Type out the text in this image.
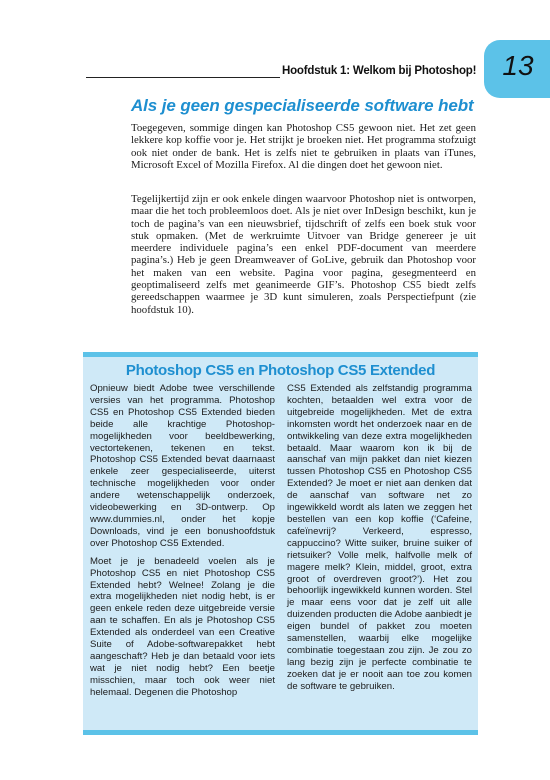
Hoofdstuk 1: Welkom bij Photoshop! 13
Als je geen gespecialiseerde software hebt

Toegegeven, sommige dingen kan Photoshop CS5 gewoon niet. Het zet geen lekkere kop koffie voor je. Het strijkt je broeken niet. Het programma stofzuigt ook niet onder de bank. Het is zelfs niet te gebruiken in plaats van iTunes, Microsoft Excel of Mozilla Firefox. Al die dingen doet het gewoon niet.

Tegelijkertijd zijn er ook enkele dingen waarvoor Photoshop niet is ontworpen, maar die het toch probleemloos doet. Als je niet over InDesign beschikt, kun je toch de pagina’s van een nieuwsbrief, tijdschrift of zelfs een boek stuk voor stuk opmaken. (Met de werkruimte Uitvoer van Bridge genereer je uit meerdere individuele pagina’s een enkel PDF-document van meerdere pagina’s.) Heb je geen Dreamweaver of GoLive, gebruik dan Photoshop voor het maken van een website. Pagina voor pagina, gesegmenteerd en geoptimaliseerd zelfs met geanimeerde GIF’s. Photoshop CS5 biedt zelfs gereedschappen waarmee je 3D kunt simuleren, zoals Perspectiefpunt (zie hoofdstuk 10).

Photoshop CS5 en Photoshop CS5 Extended

Opnieuw biedt Adobe twee verschillende versies van het programma. Photoshop CS5 en Photoshop CS5 Extended bieden beide alle krachtige Photoshop-mogelijkheden voor beeldbewerking, vectortekenen, tekenen en tekst. Photoshop CS5 Extended bevat daarnaast enkele zeer gespecialiseerde, uiterst technische mogelijkheden voor onder andere wetenschappelijk onderzoek, videobewerking en 3D-ontwerp. Op www.dummies.nl, onder het kopje Downloads, vind je een bonushoofdstuk over Photoshop CS5 Extended.

Moet je je benadeeld voelen als je Photoshop CS5 en niet Photoshop CS5 Extended hebt? Welnee! Zolang je die extra mogelijkheden niet nodig hebt, is er geen enkele reden deze uitgebreide versie aan te schaffen. En als je Photoshop CS5 Extended als onderdeel van een Creative Suite of Adobe-softwarepakket hebt aangeschaft? Heb je dan betaald voor iets wat je niet nodig hebt? Een beetje misschien, maar toch ook weer niet helemaal. Degenen die Photoshop

CS5 Extended als zelfstandig programma kochten, betaalden wel extra voor de uitgebreide mogelijkheden. Met de extra inkomsten wordt het onderzoek naar en de ontwikkeling van deze extra mogelijkheden betaald. Maar waarom kon ik bij de aanschaf van mijn pakket dan niet kiezen tussen Photoshop CS5 en Photoshop CS5 Extended? Je moet er niet aan denken dat de aanschaf van software net zo ingewikkeld wordt als laten we zeggen het bestellen van een kop koffie (‘Cafeine, cafeïnevrij? Verkeerd, espresso, cappuccino? Witte suiker, bruine suiker of rietsuiker? Volle melk, halfvolle melk of magere melk? Klein, middel, groot, extra groot of overdreven groot?’). Het zou behoorlijk ingewikkeld kunnen worden. Stel je maar eens voor dat je zelf uit alle duizenden producten die Adobe aanbiedt je eigen bundel of pakket zou moeten samenstellen, waarbij elke mogelijke combinatie toegestaan zou zijn. Je zou zo lang bezig zijn je perfecte combinatie te zoeken dat je er nooit aan toe zou komen de software te gebruiken.
